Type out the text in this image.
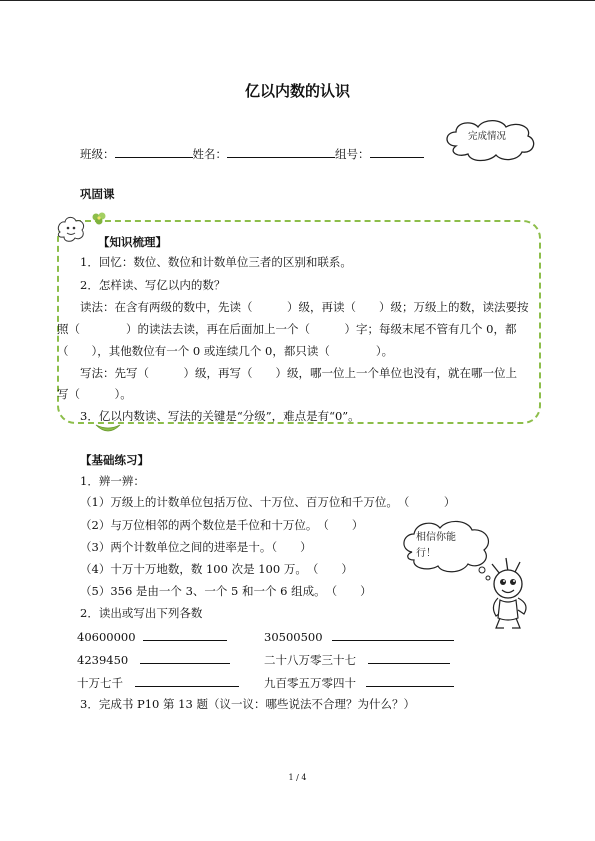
亿以内数的认识
班级：	姓名：	组号：
完成情况
巩固课
【知识梳理】
1．回忆：数位、数位和计数单位三者的区别和联系。
2．怎样读、写亿以内的数？
读法：在含有两级的数中，先读（　　　）级，再读（　　）级；万级上的数，读法要按
照（　　　　）的读法去读，再在后面加上一个（　　　）字；每级末尾不管有几个 0，都
（　　），其他数位有一个 0 或连续几个 0，都只读（　　　　）。
写法：先写（　　　）级，再写（　　）级，哪一位上一个单位也没有，就在哪一位上
写（　　　）。
3．亿以内数读、写法的关键是“分级”，难点是有“0”。
【基础练习】
1．辨一辨：
（1）万级上的计数单位包括万位、十万位、百万位和千万位。　（　　　）
（2）与万位相邻的两个数位是千位和十万位。　（　　）
（3）两个计数单位之间的进率是十。（　　）
（4）十万十万地数，数 100 次是 100 万。　（　　）
（5）356 是由一个 3、一个 5 和一个 6 组成。　（　　）
相信你能
行！
2．读出或写出下列各数
40600000	30500500
4239450	二十八万零三十七
十万七千	九百零五万零四十
3．完成书 P10 第 13 题（议一议：哪些说法不合理？为什么？）
1 / 4
